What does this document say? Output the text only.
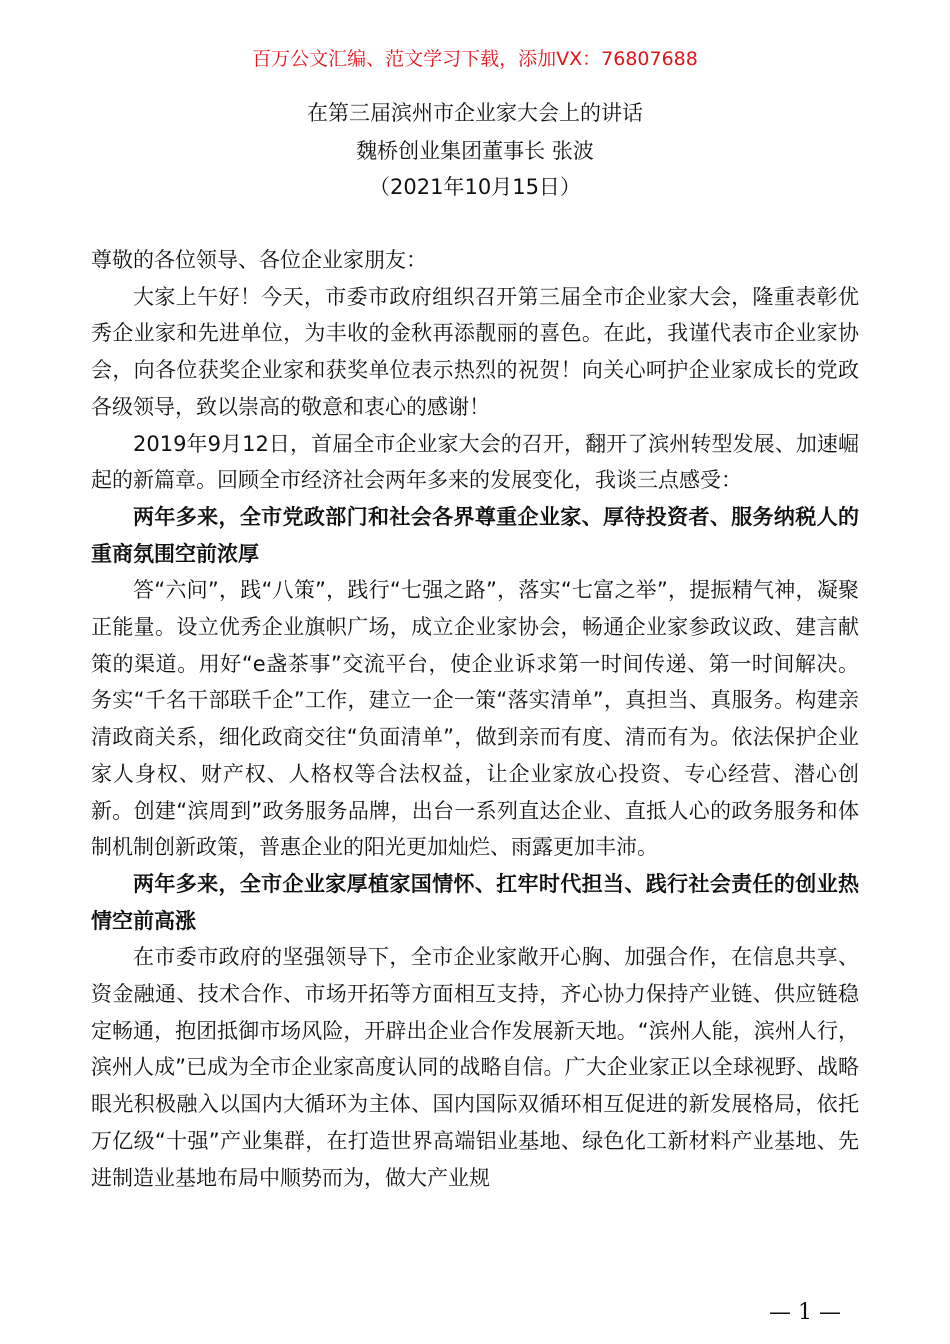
百万公文汇编、范文学习下载，添加VX：76807688
在第三届滨州市企业家大会上的讲话
魏桥创业集团董事长 张波
（2021年10月15日）

尊敬的各位领导、各位企业家朋友：

大家上午好！今天，市委市政府组织召开第三届全市企业家大会，隆重表彰优秀企业家和先进单位，为丰收的金秋再添靓丽的喜色。在此，我谨代表市企业家协会，向各位获奖企业家和获奖单位表示热烈的祝贺！向关心呵护企业家成长的党政各级领导，致以崇高的敬意和衷心的感谢！

2019年9月12日，首届全市企业家大会的召开，翻开了滨州转型发展、加速崛起的新篇章。回顾全市经济社会两年多来的发展变化，我谈三点感受：

两年多来，全市党政部门和社会各界尊重企业家、厚待投资者、服务纳税人的重商氛围空前浓厚

答“六问”，践“八策”，践行“七强之路”，落实“七富之举”，提振精气神，凝聚正能量。设立优秀企业旗帜广场，成立企业家协会，畅通企业家参政议政、建言献策的渠道。用好“e盏茶事”交流平台，使企业诉求第一时间传递、第一时间解决。务实“千名干部联千企”工作，建立一企一策“落实清单”，真担当、真服务。构建亲清政商关系，细化政商交往“负面清单”，做到亲而有度、清而有为。依法保护企业家人身权、财产权、人格权等合法权益，让企业家放心投资、专心经营、潜心创新。创建“滨周到”政务服务品牌，出台一系列直达企业、直抵人心的政务服务和体制机制创新政策，普惠企业的阳光更加灿烂、雨露更加丰沛。

两年多来，全市企业家厚植家国情怀、扛牢时代担当、践行社会责任的创业热情空前高涨

在市委市政府的坚强领导下，全市企业家敞开心胸、加强合作，在信息共享、资金融通、技术合作、市场开拓等方面相互支持，齐心协力保持产业链、供应链稳定畅通，抱团抵御市场风险，开辟出企业合作发展新天地。“滨州人能，滨州人行，滨州人成”已成为全市企业家高度认同的战略自信。广大企业家正以全球视野、战略眼光积极融入以国内大循环为主体、国内国际双循环相互促进的新发展格局，依托万亿级“十强”产业集群，在打造世界高端铝业基地、绿色化工新材料产业基地、先进制造业基地布局中顺势而为，做大产业规

— 1 —
